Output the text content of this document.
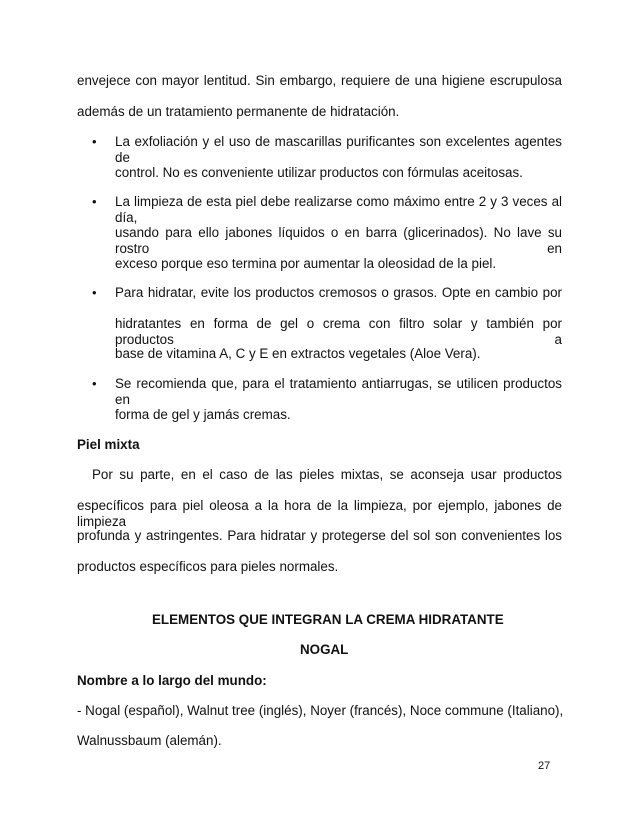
envejece con mayor lentitud. Sin embargo, requiere de una higiene escrupulosa
además de un tratamiento permanente de hidratación.
• La exfoliación y el uso de mascarillas purificantes son excelentes agentes de
control. No es conveniente utilizar productos con fórmulas aceitosas.
• La limpieza de esta piel debe realizarse como máximo entre 2 y 3 veces al día,
usando para ello jabones líquidos o en barra (glicerinados). No lave su rostro en
exceso porque eso termina por aumentar la oleosidad de la piel.
• Para hidratar, evite los productos cremosos o grasos. Opte en cambio por
hidratantes en forma de gel o crema con filtro solar y también por productos a
base de vitamina A, C y E en extractos vegetales (Aloe Vera).
• Se recomienda que, para el tratamiento antiarrugas, se utilicen productos en
forma de gel y jamás cremas.
Piel mixta
Por su parte, en el caso de las pieles mixtas, se aconseja usar productos
específicos para piel oleosa a la hora de la limpieza, por ejemplo, jabones de limpieza
profunda y astringentes. Para hidratar y protegerse del sol son convenientes los
productos específicos para pieles normales.
ELEMENTOS QUE INTEGRAN LA CREMA HIDRATANTE
NOGAL
Nombre a lo largo del mundo:
- Nogal (español), Walnut tree (inglés), Noyer (francés), Noce commune (Italiano),
Walnussbaum (alemán).
27
